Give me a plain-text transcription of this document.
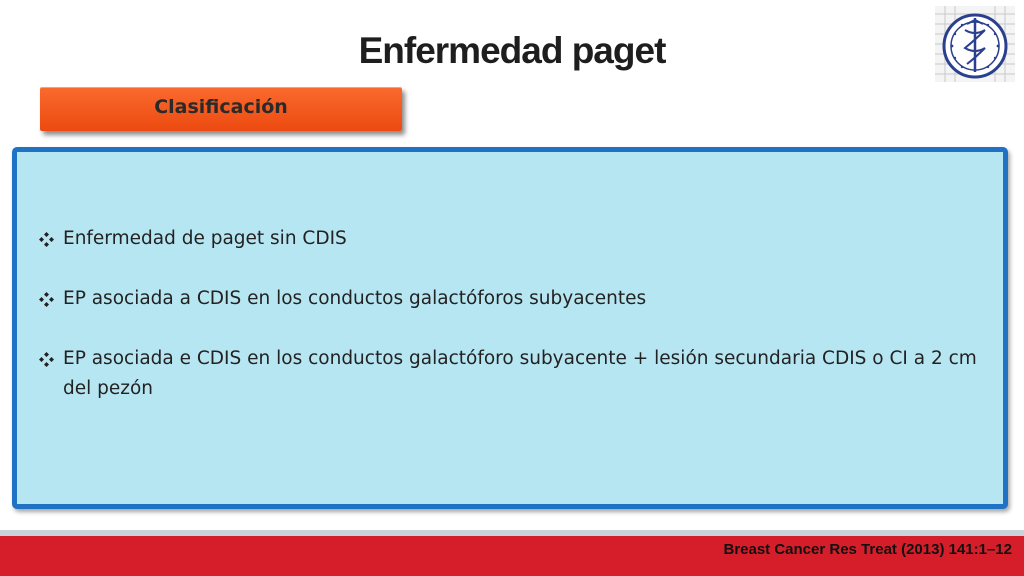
Enfermedad paget
Clasificación
Enfermedad de paget sin CDIS
EP asociada a CDIS en los conductos galactóforos subyacentes
EP asociada e CDIS en los conductos galactóforo subyacente + lesión secundaria CDIS o CI a 2 cm del pezón
Breast Cancer Res Treat (2013) 141:1–12
